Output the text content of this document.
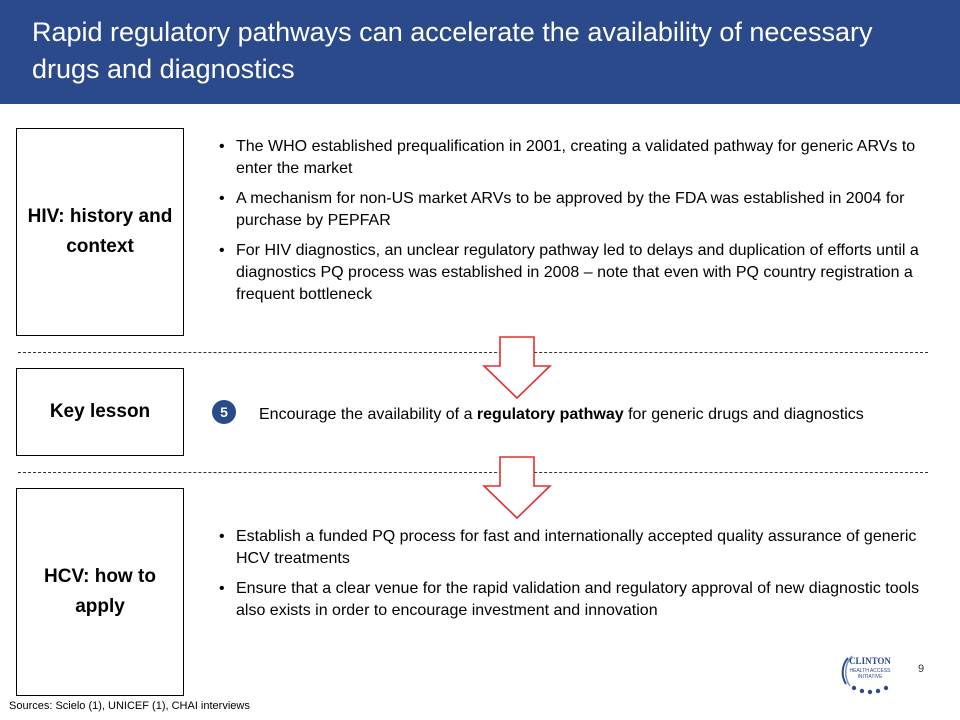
Rapid regulatory pathways can accelerate the availability of necessary drugs and diagnostics
HIV: history and context
• The WHO established prequalification in 2001, creating a validated pathway for generic ARVs to enter the market
• A mechanism for non-US market ARVs to be approved by the FDA was established in 2004 for purchase by PEPFAR
• For HIV diagnostics, an unclear regulatory pathway led to delays and duplication of efforts until a diagnostics PQ process was established in 2008 – note that even with PQ country registration a frequent bottleneck
Key lesson	5	Encourage the availability of a regulatory pathway for generic drugs and diagnostics
HCV: how to apply
• Establish a funded PQ process for fast and internationally accepted quality assurance of generic HCV treatments
• Ensure that a clear venue for the rapid validation and regulatory approval of new diagnostic tools also exists in order to encourage investment and innovation
9
Sources: Scielo (1), UNICEF (1), CHAI interviews
CLINTON
HEALTH ACCESS
INITIATIVE
